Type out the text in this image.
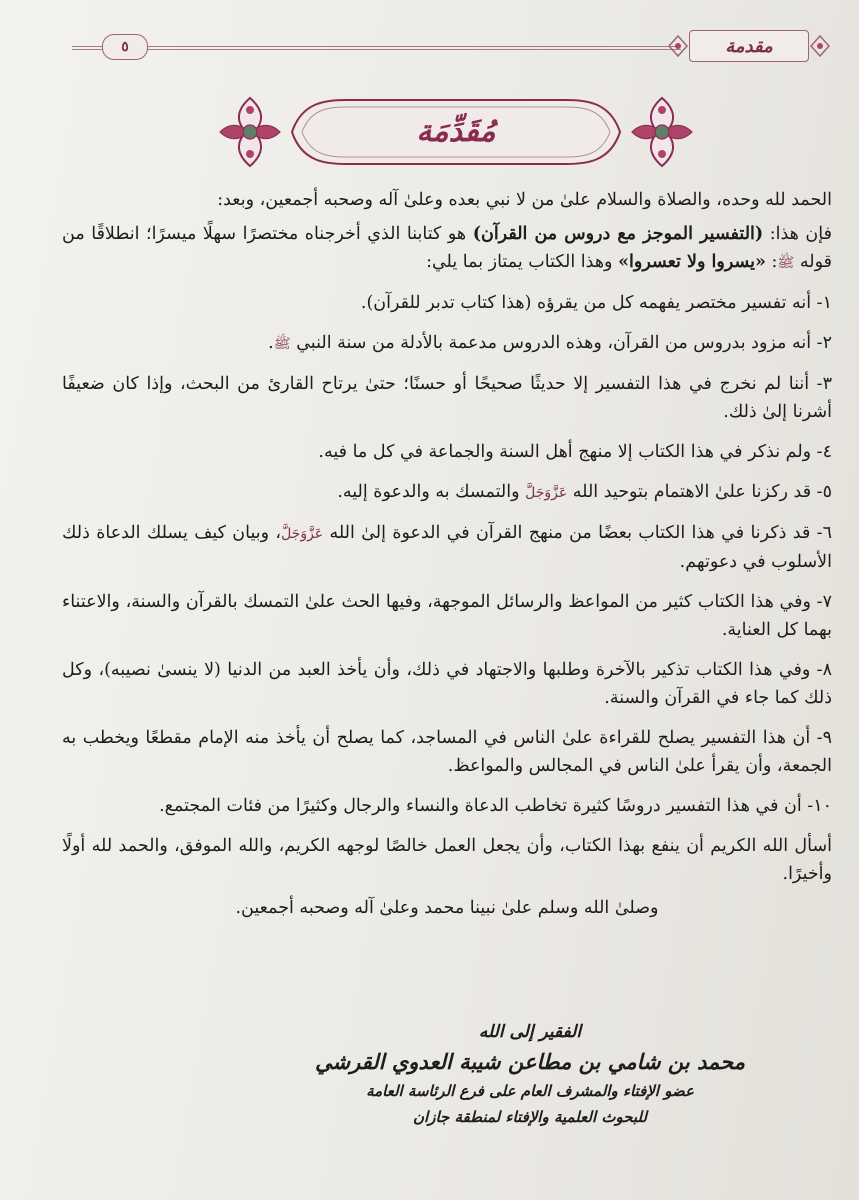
٥	مقدمة
مُقَدِّمَة

الحمد لله وحده، والصلاة والسلام علىٰ من لا نبي بعده وعلىٰ آله وصحبه أجمعين، وبعد:

فإن هذا: (التفسير الموجز مع دروس من القرآن) هو كتابنا الذي أخرجناه مختصرًا سهلًا ميسرًا؛ انطلاقًا من قوله ﷺ: «يسروا ولا تعسروا» وهذا الكتاب يمتاز بما يلي:

١- أنه تفسير مختصر يفهمه كل من يقرؤه (هذا كتاب تدبر للقرآن).

٢- أنه مزود بدروس من القرآن، وهذه الدروس مدعمة بالأدلة من سنة النبي ﷺ.

٣- أننا لم نخرج في هذا التفسير إلا حديثًا صحيحًا أو حسنًا؛ حتىٰ يرتاح القارئ من البحث، وإذا كان ضعيفًا أشرنا إلىٰ ذلك.

٤- ولم نذكر في هذا الكتاب إلا منهج أهل السنة والجماعة في كل ما فيه.

٥- قد ركزنا علىٰ الاهتمام بتوحيد الله عَزَّوَجَلَّ والتمسك به والدعوة إليه.

٦- قد ذكرنا في هذا الكتاب بعضًا من منهج القرآن في الدعوة إلىٰ الله عَزَّوَجَلَّ، وبيان كيف يسلك الدعاة ذلك الأسلوب في دعوتهم.

٧- وفي هذا الكتاب كثير من المواعظ والرسائل الموجهة، وفيها الحث علىٰ التمسك بالقرآن والسنة، والاعتناء بهما كل العناية.

٨- وفي هذا الكتاب تذكير بالآخرة وطلبها والاجتهاد في ذلك، وأن يأخذ العبد من الدنيا (لا ينسىٰ نصيبه)، وكل ذلك كما جاء في القرآن والسنة.

٩- أن هذا التفسير يصلح للقراءة علىٰ الناس في المساجد، كما يصلح أن يأخذ منه الإمام مقطعًا ويخطب به الجمعة، وأن يقرأ علىٰ الناس في المجالس والمواعظ.

١٠- أن في هذا التفسير دروسًا كثيرة تخاطب الدعاة والنساء والرجال وكثيرًا من فئات المجتمع.

أسأل الله الكريم أن ينفع بهذا الكتاب، وأن يجعل العمل خالصًا لوجهه الكريم، والله الموفق، والحمد لله أولًا وأخيرًا.

وصلىٰ الله وسلم علىٰ نبينا محمد وعلىٰ آله وصحبه أجمعين.

الفقير إلى الله
محمد بن شامي بن مطاعن شيبة العدوي القرشي
عضو الإفتاء والمشرف العام على فرع الرئاسة العامة
للبحوث العلمية والإفتاء لمنطقة جازان
